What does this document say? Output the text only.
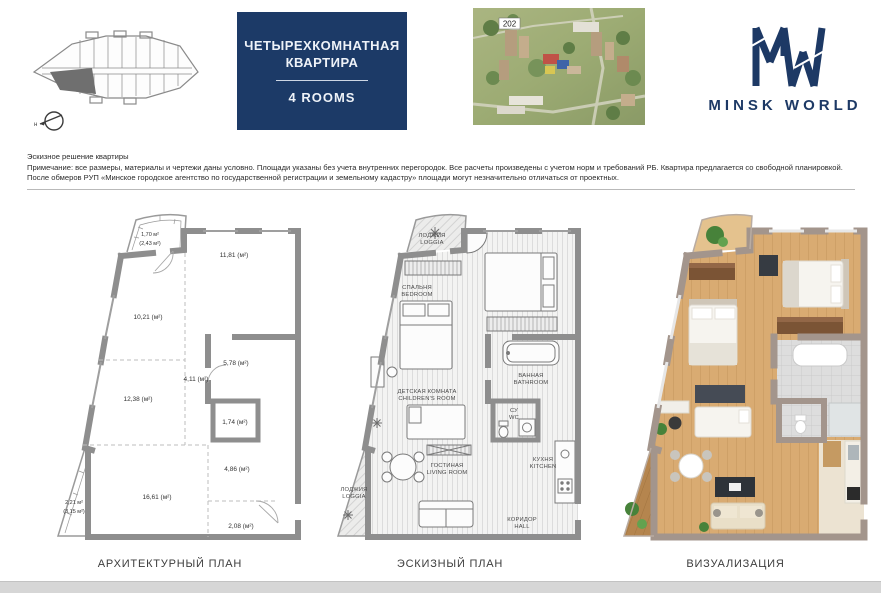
н
ЧЕТЫРЕХКОМНАТНАЯ
КВАРТИРА
4 ROOMS
202
MINSK WORLD
Эскизное решение квартиры
Примечание: все размеры, материалы и чертежи даны условно. Площади указаны без учета внутренних перегородок. Все расчеты произведены с учетом норм и требований РБ. Квартира предлагается со свободной планировкой.
После обмеров РУП «Минское городское агентство по государственной регистрации и земельному кадастру» площади могут незначительно отличаться от проектных.
1,70 м²
(2,43 м²)
11,81 (м²)
10,21 (м²)
5,78 (м²)
4,11 (м²)
1,74 (м²)
12,38 (м²)
4,86 (м²)
16,61 (м²)
2,21 м²
(3,15 м²)
2,08 (м²)
ЛОДЖИЯ
LOGGIA
СПАЛЬНЯ
BEDROOM
ВАННАЯ
BATHROOM
ДЕТСКАЯ КОМНАТА
CHILDREN'S ROOM
СУ
WC
ГОСТИНАЯ
LIVING ROOM
КУХНЯ
KITCHEN
ЛОДЖИЯ
LOGGIA
КОРИДОР
HALL
АРХИТЕКТУРНЫЙ ПЛАН	ЭСКИЗНЫЙ ПЛАН	ВИЗУАЛИЗАЦИЯ
